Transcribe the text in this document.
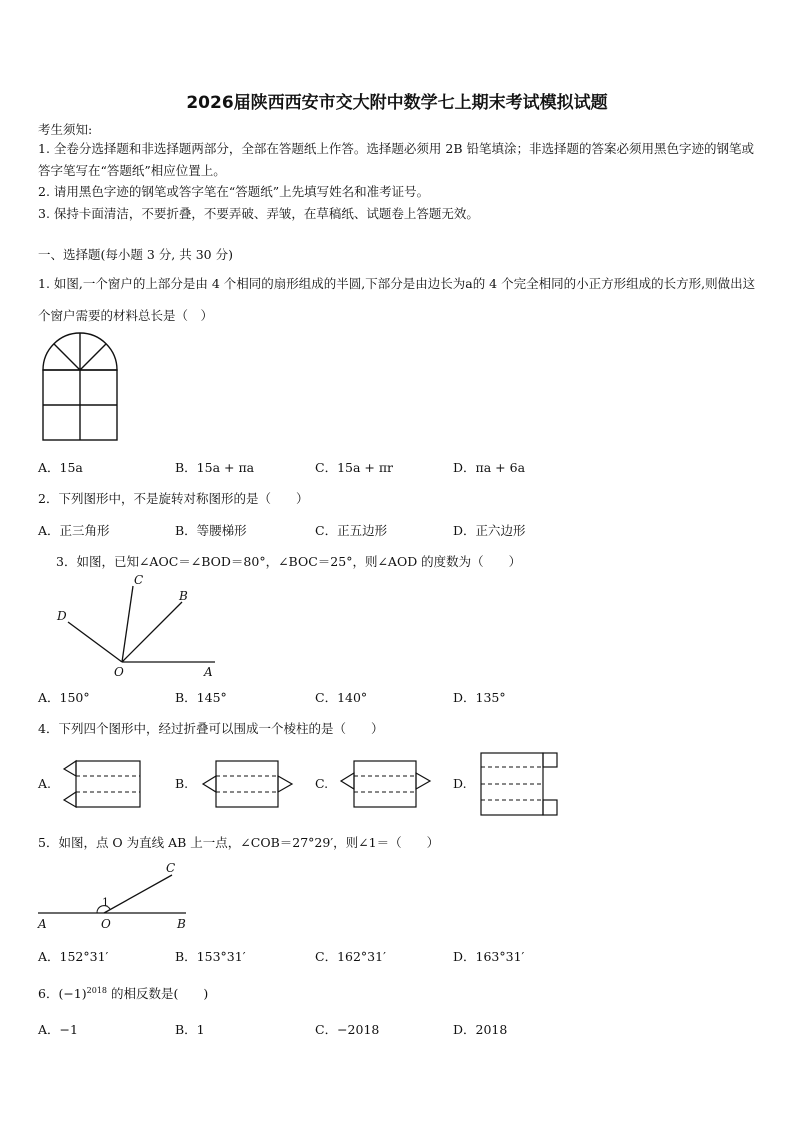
2026届陕西西安市交大附中数学七上期末考试模拟试题
考生须知:
1. 全卷分选择题和非选择题两部分，全部在答题纸上作答。选择题必须用 2B 铅笔填涂；非选择题的答案必须用黑色字迹的钢笔或答字笔写在“答题纸”相应位置上。
2. 请用黑色字迹的钢笔或答字笔在“答题纸”上先填写姓名和准考证号。
3. 保持卡面清洁，不要折叠，不要弄破、弄皱，在草稿纸、试题卷上答题无效。
一、选择题(每小题 3 分, 共 30 分)
1. 如图,一个窗户的上部分是由 4 个相同的扇形组成的半圆,下部分是由边长为a的 4 个完全相同的小正方形组成的长方形,则做出这个窗户需要的材料总长是（　）
A．15a	B．15a + πa	C．15a + πr	D．πa + 6a
2．下列图形中，不是旋转对称图形的是（　　）
A．正三角形	B．等腰梯形	C．正五边形	D．正六边形
3．如图，已知∠AOC＝∠BOD＝80°，∠BOC＝25°，则∠AOD 的度数为（　　）
C
B
D
O	A
A．150°	B．145°	C．140°	D．135°
4．下列四个图形中，经过折叠可以围成一个棱柱的是（　　）
A.	B.	C.	D.
5．如图，点 O 为直线 AB 上一点，∠COB＝27°29′，则∠1＝（　　）
C
1
A	O	B
A．152°31′	B．153°31′	C．162°31′	D．163°31′
6．$(-1)^{2018}$ 的相反数是(　　)
A．−1	B．1	C．−2018	D．2018
